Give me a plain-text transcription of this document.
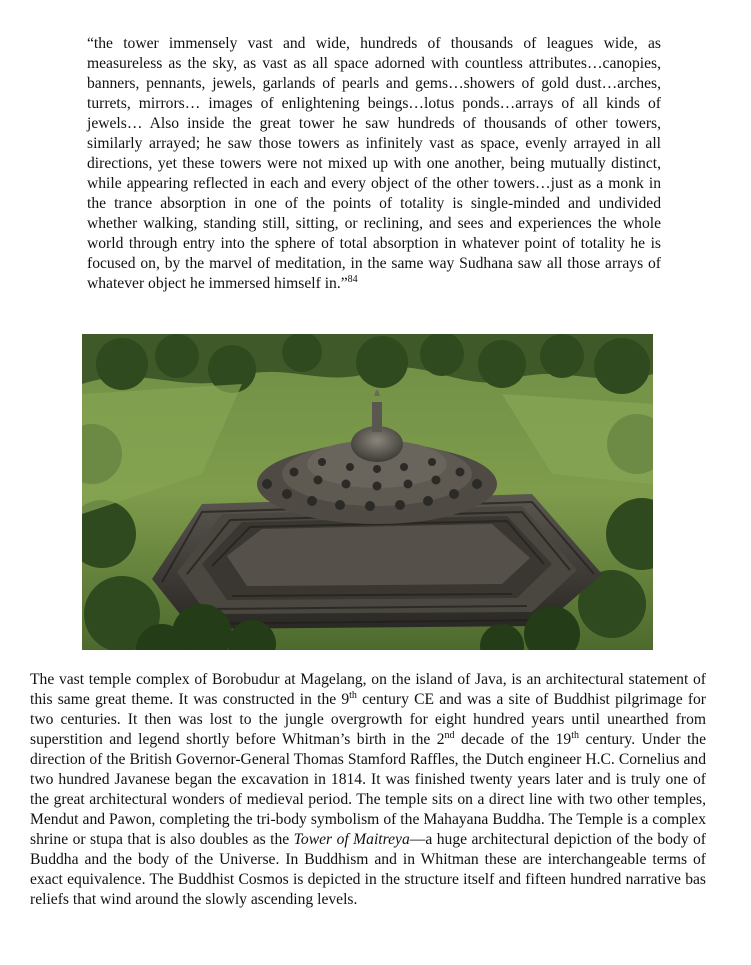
“the tower immensely vast and wide, hundreds of thousands of leagues wide, as measureless as the sky, as vast as all space adorned with countless attributes…canopies, banners, pennants, jewels, garlands of pearls and gems…showers of gold dust…arches, turrets, mirrors… images of enlightening beings…lotus ponds…arrays of all kinds of jewels… Also inside the great tower he saw hundreds of thousands of other towers, similarly arrayed; he saw those towers as infinitely vast as space, evenly arrayed in all directions, yet these towers were not mixed up with one another, being mutually distinct, while appearing reflected in each and every object of the other towers…just as a monk in the trance absorption in one of the points of totality is single-minded and undivided whether walking, standing still, sitting, or reclining, and sees and experiences the whole world through entry into the sphere of total absorption in whatever point of totality he is focused on, by the marvel of meditation, in the same way Sudhana saw all those arrays of whatever object he immersed himself in.”$^{84}$

The vast temple complex of Borobudur at Magelang, on the island of Java, is an architectural statement of this same great theme. It was constructed in the 9th century CE and was a site of Buddhist pilgrimage for two centuries. It then was lost to the jungle overgrowth for eight hundred years until unearthed from superstition and legend shortly before Whitman’s birth in the 2nd decade of the 19th century. Under the direction of the British Governor-General Thomas Stamford Raffles, the Dutch engineer H.C. Cornelius and two hundred Javanese began the excavation in 1814. It was finished twenty years later and is truly one of the great architectural wonders of medieval period. The temple sits on a direct line with two other temples, Mendut and Pawon, completing the tri-body symbolism of the Mahayana Buddha. The Temple is a complex shrine or stupa that is also doubles as the Tower of Maitreya—a huge architectural depiction of the body of Buddha and the body of the Universe. In Buddhism and in Whitman these are interchangeable terms of exact equivalence. The Buddhist Cosmos is depicted in the structure itself and fifteen hundred narrative bas reliefs that wind around the slowly ascending levels.
